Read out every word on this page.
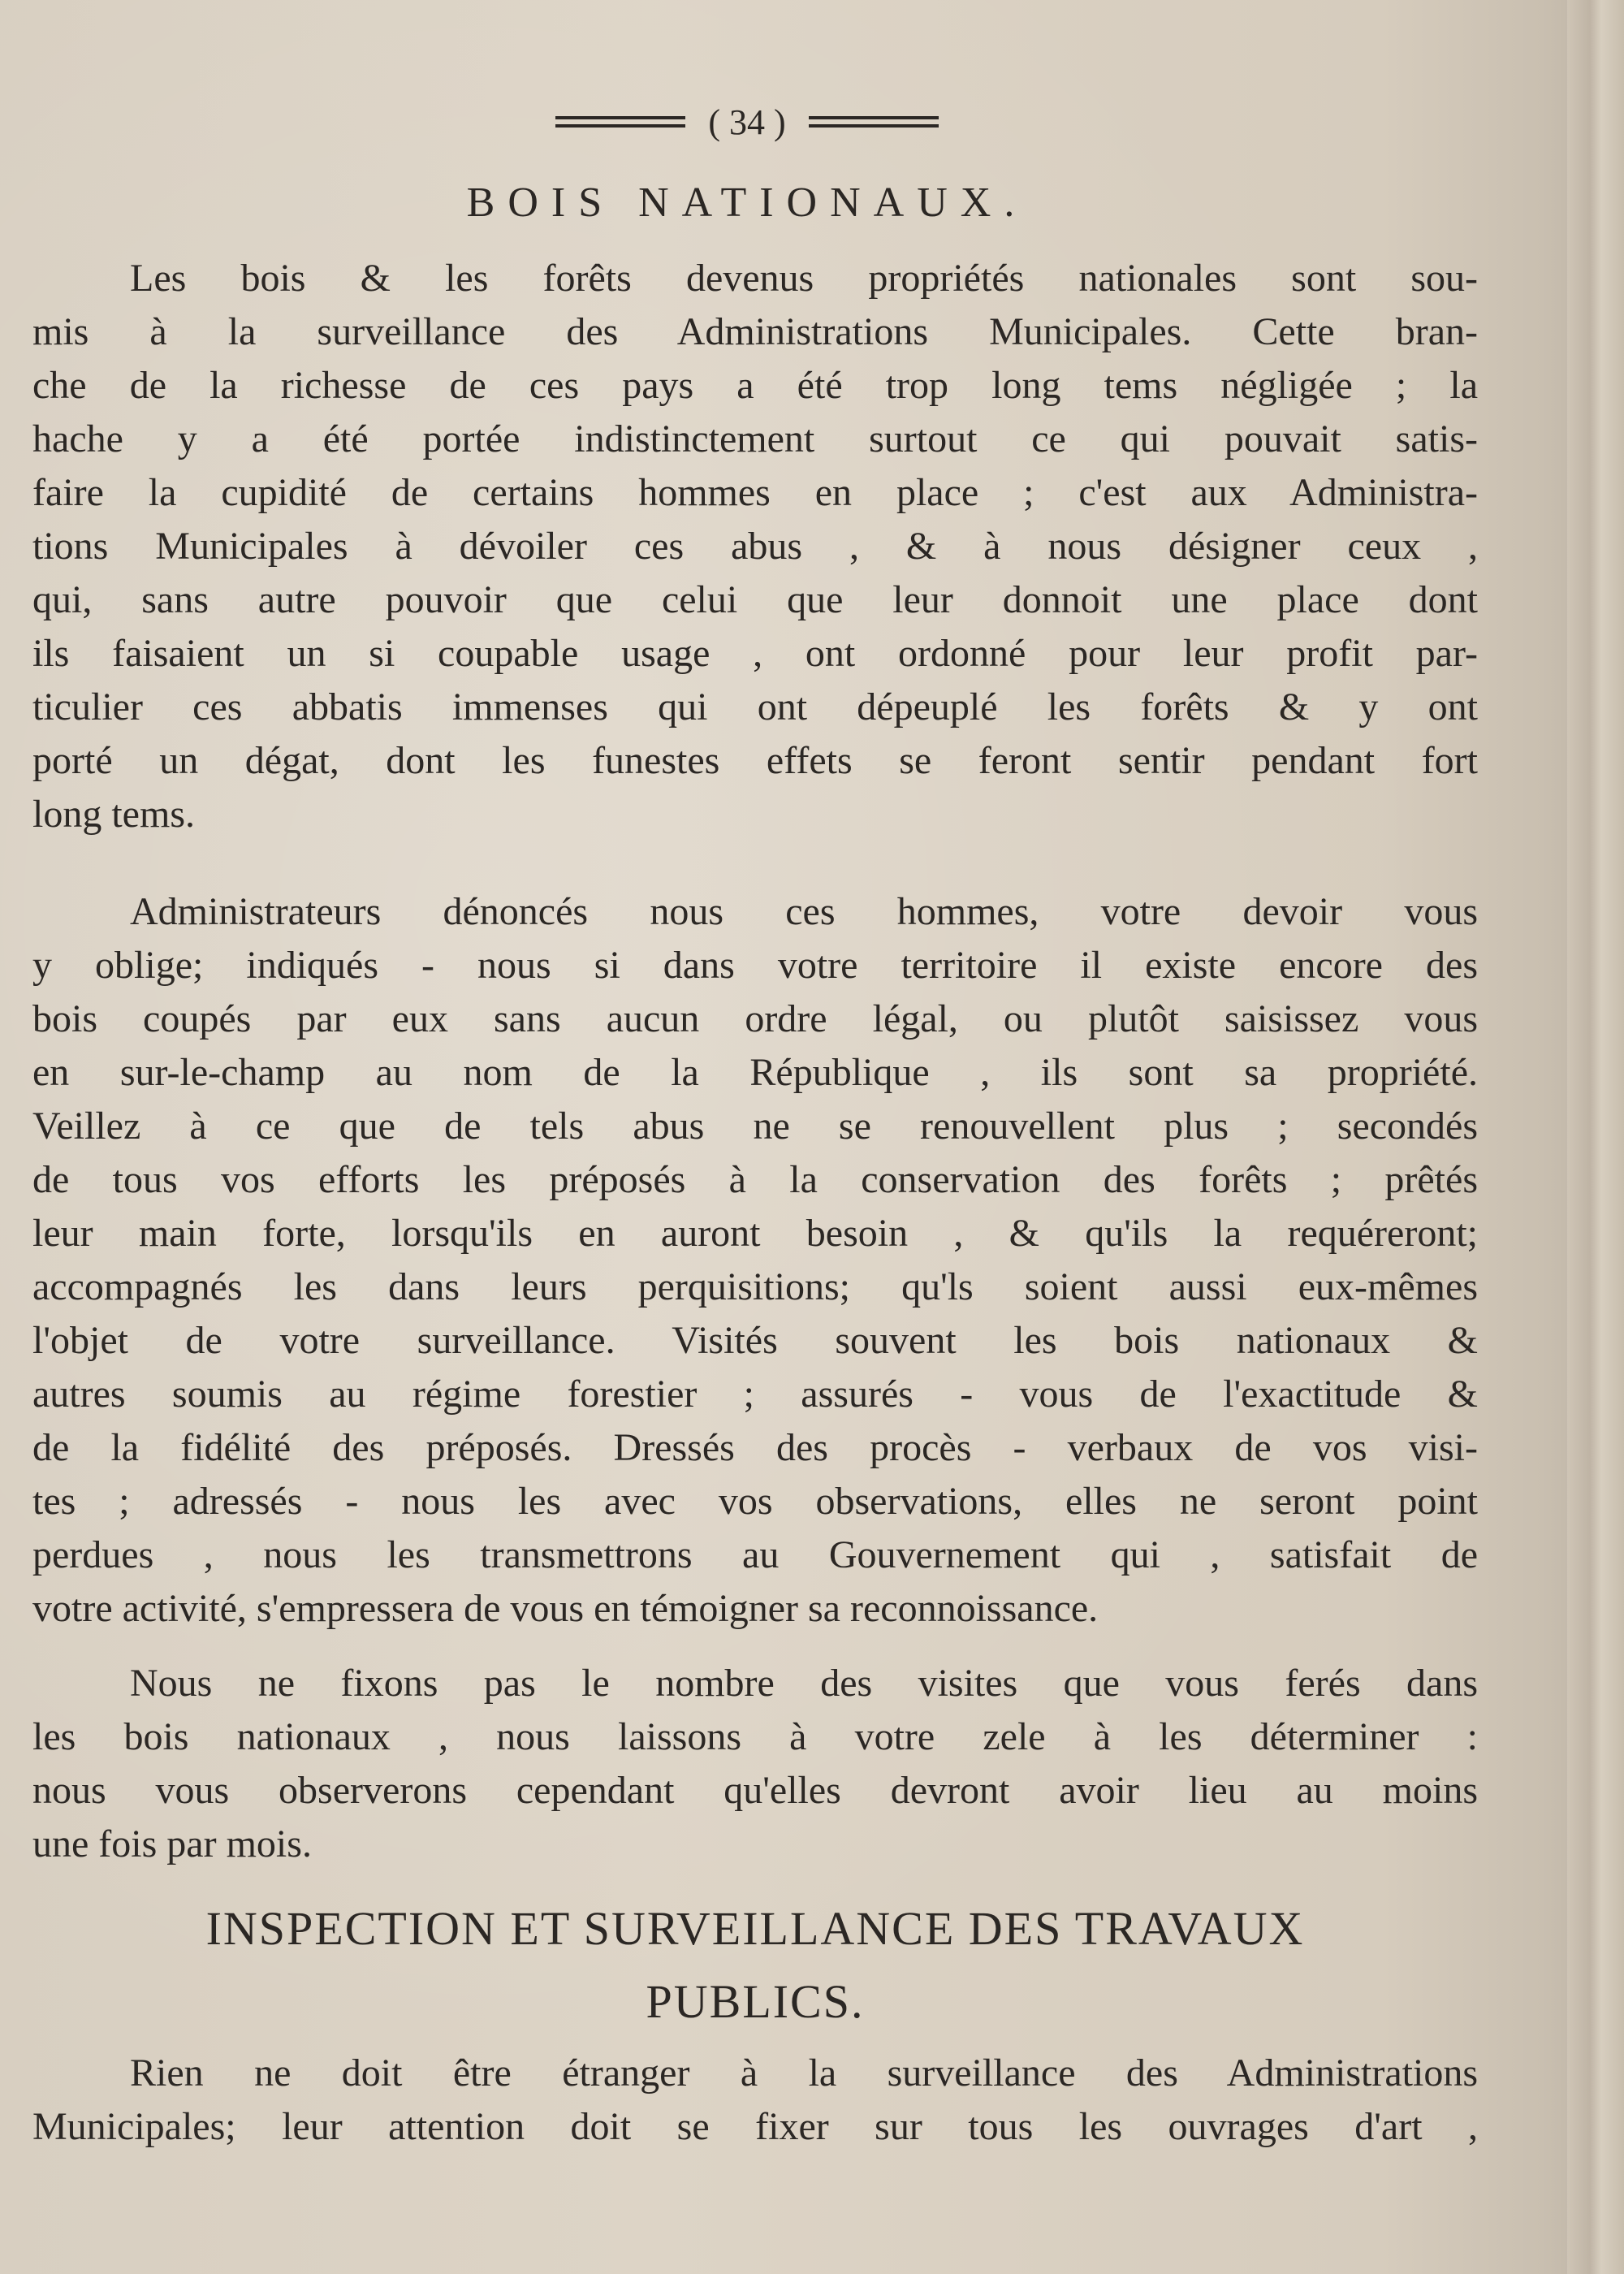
( 34 )
BOIS NATIONAUX.
Les bois & les forêts devenus propriétés nationales sont sou-
mis à la surveillance des Administrations Municipales. Cette bran-
che de la richesse de ces pays a été trop long tems négligée ; la
hache y a été portée indistinctement surtout ce qui pouvait satis-
faire la cupidité de certains hommes en place ; c'est aux Administra-
tions Municipales à dévoiler ces abus , & à nous désigner ceux ,
qui, sans autre pouvoir que celui que leur donnoit une place dont
ils faisaient un si coupable usage , ont ordonné pour leur profit par-
ticulier ces abbatis immenses qui ont dépeuplé les forêts & y ont
porté un dégat, dont les funestes effets se feront sentir pendant fort
long tems.
Administrateurs dénoncés nous ces hommes, votre devoir vous
y oblige; indiqués - nous si dans votre territoire il existe encore des
bois coupés par eux sans aucun ordre légal, ou plutôt saisissez vous
en sur-le-champ au nom de la République , ils sont sa propriété.
Veillez à ce que de tels abus ne se renouvellent plus ; secondés
de tous vos efforts les préposés à la conservation des forêts ; prêtés
leur main forte, lorsqu'ils en auront besoin , & qu'ils la requéreront;
accompagnés les dans leurs perquisitions; qu'ls soient aussi eux-mêmes
l'objet de votre surveillance. Visités souvent les bois nationaux &
autres soumis au régime forestier ; assurés - vous de l'exactitude &
de la fidélité des préposés. Dressés des procès - verbaux de vos visi-
tes ; adressés - nous les avec vos observations, elles ne seront point
perdues , nous les transmettrons au Gouvernement qui , satisfait de
votre activité, s'empressera de vous en témoigner sa reconnoissance.
Nous ne fixons pas le nombre des visites que vous ferés dans
les bois nationaux , nous laissons à votre zele à les déterminer :
nous vous observerons cependant qu'elles devront avoir lieu au moins
une fois par mois.
INSPECTION ET SURVEILLANCE DES TRAVAUX
PUBLICS.
Rien ne doit être étranger à la surveillance des Administrations
Municipales; leur attention doit se fixer sur tous les ouvrages d'art ,
